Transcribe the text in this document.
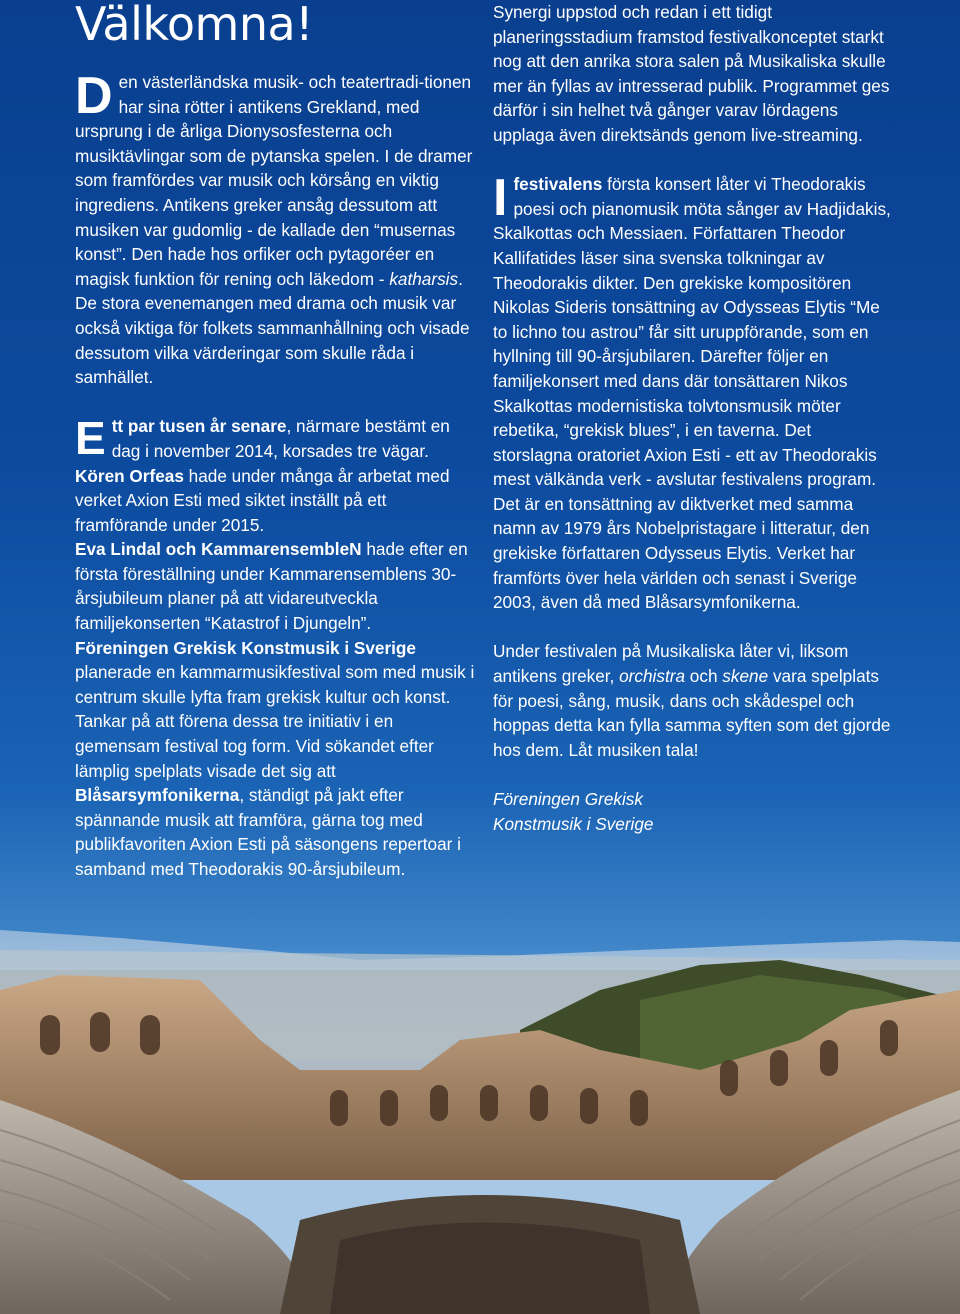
Välkomna!

Den västerländska musik- och teatertradi-tionen har sina rötter i antikens Grekland, med ursprung i de årliga Dionysosfesterna och musiktävlingar som de pytanska spelen. I de dramer som framfördes var musik och körsång en viktig ingrediens. Antikens greker ansåg dessutom att musiken var gudomlig - de kallade den “musernas konst”. Den hade hos orfiker och pytagoréer en magisk funktion för rening och läkedom - katharsis. De stora evenemangen med drama och musik var också viktiga för folkets sammanhållning och visade dessutom vilka värderingar som skulle råda i samhället.

Ett par tusen år senare, närmare bestämt en dag i november 2014, korsades tre vägar.

Kören Orfeas hade under många år arbetat med verket Axion Esti med siktet inställt på ett framförande under 2015.

Eva Lindal och KammarensembleN hade efter en första föreställning under Kammarensemblens 30-årsjubileum planer på att vidareutveckla familjekonserten “Katastrof i Djungeln”.

Föreningen Grekisk Konstmusik i Sverige planerade en kammarmusikfestival som med musik i centrum skulle lyfta fram grekisk kultur och konst.

Tankar på att förena dessa tre initiativ i en gemensam festival tog form. Vid sökandet efter lämplig spelplats visade det sig att Blåsarsymfonikerna, ständigt på jakt efter spännande musik att framföra, gärna tog med publikfavoriten Axion Esti på säsongens repertoar i samband med Theodorakis 90-årsjubileum.

Synergi uppstod och redan i ett tidigt planeringsstadium framstod festivalkonceptet starkt nog att den anrika stora salen på Musikaliska skulle mer än fyllas av intresserad publik. Programmet ges därför i sin helhet två gånger varav lördagens upplaga även direktsänds genom live-streaming.

Ifestivalens första konsert låter vi Theodorakis poesi och pianomusik möta sånger av Hadjidakis, Skalkottas och Messiaen. Författaren Theodor Kallifatides läser sina svenska tolkningar av Theodorakis dikter. Den grekiske kompositören Nikolas Sideris tonsättning av Odysseas Elytis “Me to lichno tou astrou” får sitt uruppförande, som en hyllning till 90-årsjubilaren. Därefter följer en familjekonsert med dans där tonsättaren Nikos Skalkottas modernistiska tolvtonsmusik möter rebetika, “grekisk blues”, i en taverna. Det storslagna oratoriet Axion Esti - ett av Theodorakis mest välkända verk - avslutar festivalens program. Det är en tonsättning av diktverket med samma namn av 1979 års Nobelpristagare i litteratur, den grekiske författaren Odysseus Elytis. Verket har framförts över hela världen och senast i Sverige 2003, även då med Blåsarsymfonikerna.

Under festivalen på Musikaliska låter vi, liksom antikens greker, orchistra och skene vara spelplats för poesi, sång, musik, dans och skådespel och hoppas detta kan fylla samma syften som det gjorde hos dem. Låt musiken tala!

Föreningen Grekisk
Konstmusik i Sverige
